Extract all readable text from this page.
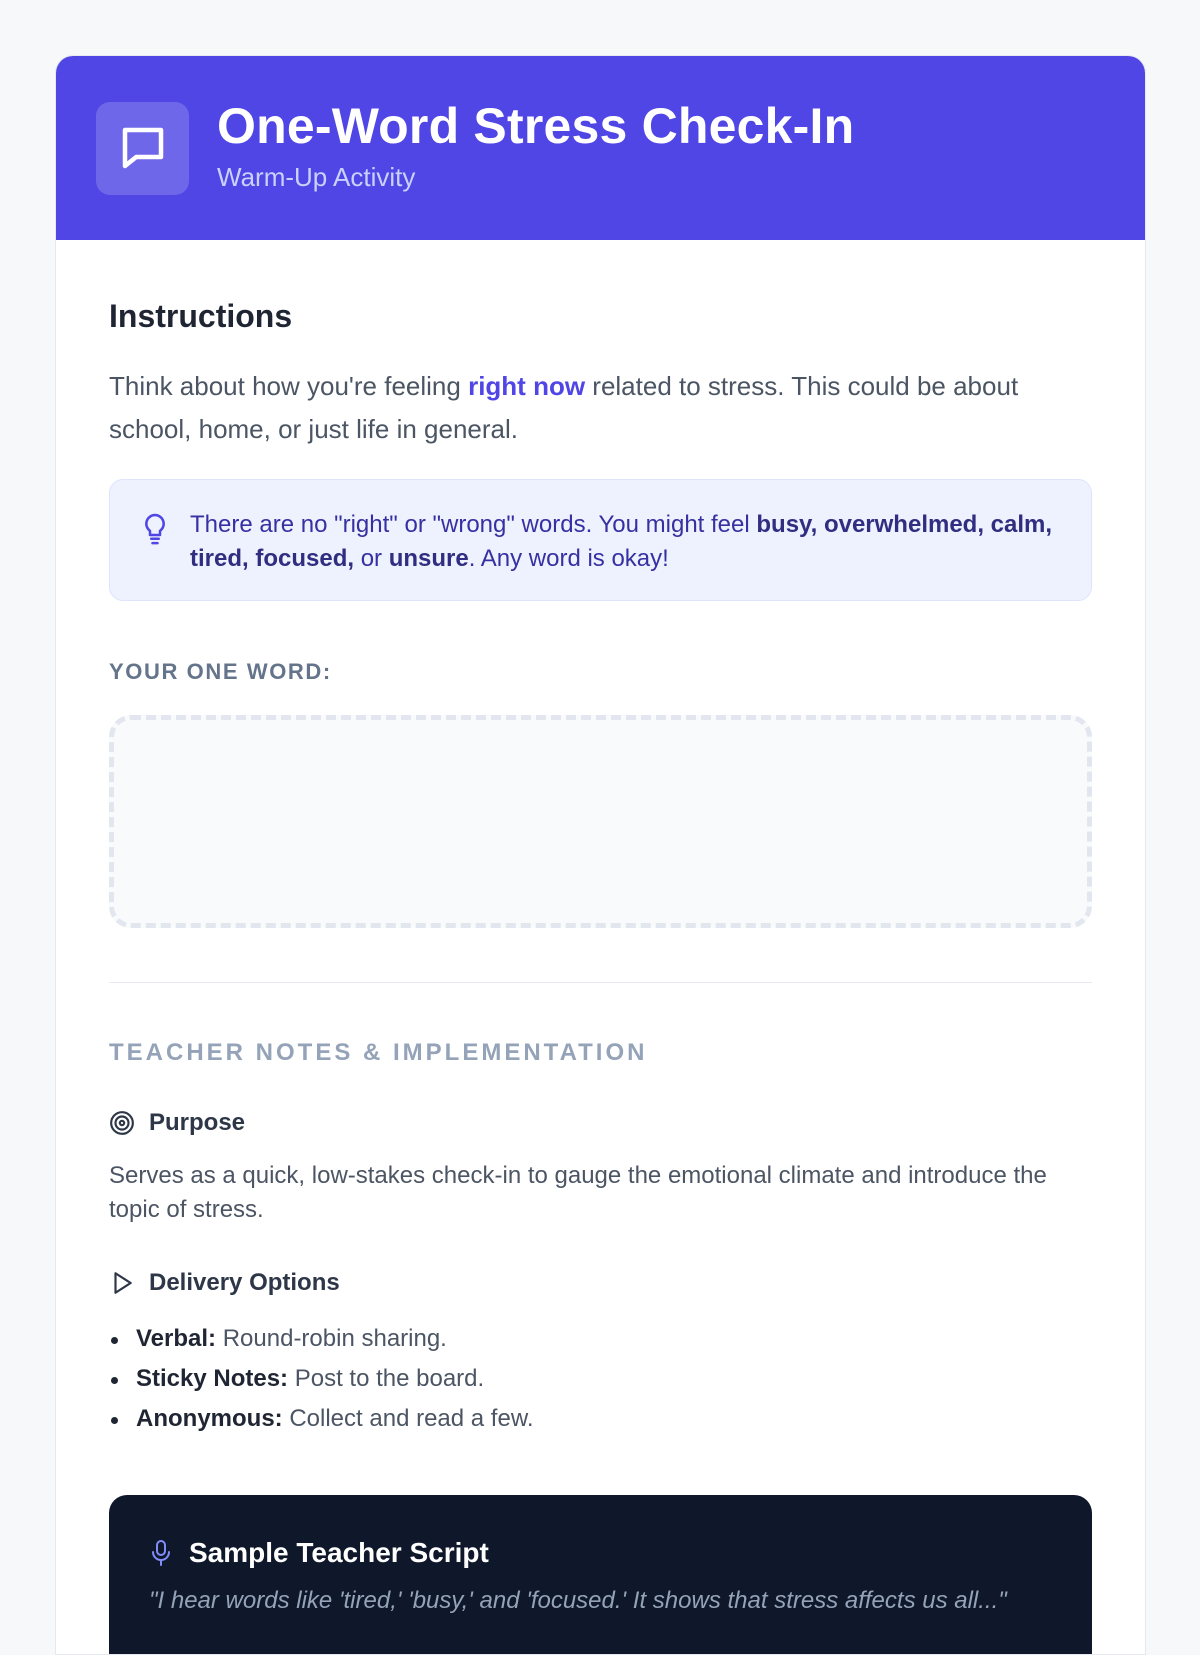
One-Word Stress Check-In
Warm-Up Activity
Instructions

Think about how you're feeling right now related to stress. This could be about school, home, or just life in general.

There are no "right" or "wrong" words. You might feel busy, overwhelmed, calm, tired, focused, or unsure. Any word is okay!
YOUR ONE WORD:
TEACHER NOTES & IMPLEMENTATION
Purpose

Serves as a quick, low-stakes check-in to gauge the emotional climate and introduce the topic of stress.

Delivery Options
Verbal: Round-robin sharing.
Sticky Notes: Post to the board.
Anonymous: Collect and read a few.
Sample Teacher Script
"I hear words like 'tired,' 'busy,' and 'focused.' It shows that stress affects us all..."
